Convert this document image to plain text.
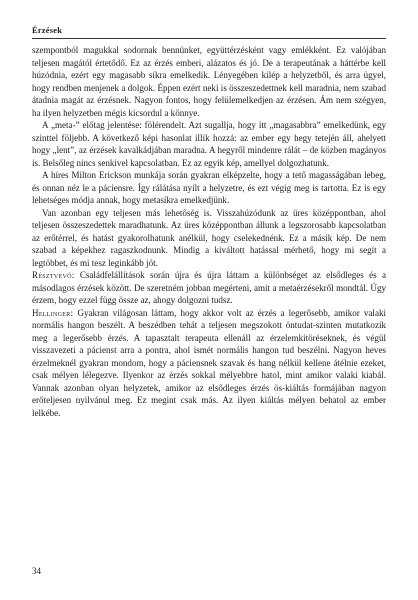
Érzések

szempontból magukkal sodornak bennünket, együttérzésként vagy emlékként. Ez valójában teljesen magától értetődő. Ez az érzés emberi, alázatos és jó. De a terapeutának a háttérbe kell húzódnia, ezért egy magasabb síkra emelkedik. Lényegében kilép a helyzetből, és arra ügyel, hogy rendben menjenek a dolgok. Éppen ezért neki is összeszedettnek kell maradnia, nem szabad átadnia magát az érzésnek. Nagyon fontos, hogy felülemelkedjen az érzésen. Ám nem szégyen, ha ilyen helyzetben mégis kicsordul a könnye.

A „meta-” előtag jelentése: fölérendelt. Azt sugallja, hogy itt „magasabbra” emelkedünk, egy szinttel följebb. A következő képi hasonlat illik hozzá: az ember egy hegy tetején áll, ahelyett hogy „lent”, az érzések kavalkádjában maradna. A hegyről mindenre rálát – de közben magányos is. Belsőleg nincs senkivel kapcsolatban. Ez az egyik kép, amellyel dolgozhatunk.

A híres Milton Erickson munkája során gyakran elképzelte, hogy a tető magasságában lebeg, és onnan néz le a páciensre. Így rálátása nyílt a helyzetre, és ezt végig meg is tartotta. Ez is egy lehetséges módja annak, hogy metasíkra emelkedjünk.

Van azonban egy teljesen más lehetőség is. Visszahúzódunk az üres középpontban, ahol teljesen összeszedettek maradhatunk. Az üres középpontban állunk a legszorosabb kapcsolatban az erőtérrel, és hatást gyakorolhatunk anélkül, hogy cselekednénk. Ez a másik kép. De nem szabad a képekhez ragaszkodnunk. Mindig a kiváltott hatással mérhető, hogy mi segít a legtöbbet, és mi tesz leginkább jót.

Résztvevő: Családfelállítások során újra és újra láttam a különbséget az elsődleges és a másodlagos érzések között. De szeretném jobban megérteni, amit a metaérzésekről mondtál. Úgy érzem, hogy ezzel függ össze az, ahogy dolgozni tudsz.

Hellinger: Gyakran világosan láttam, hogy akkor volt az érzés a legerősebb, amikor valaki normális hangon beszélt. A beszédben tehát a teljesen megszokott öntudat-szinten mutatkozik meg a legerősebb érzés. A tapasztalt terapeuta ellenáll az érzelemkitöréseknek, és végül visszavezeti a pácienst arra a pontra, ahol ismét normális hangon tud beszélni. Nagyon heves érzelmeknél gyakran mondom, hogy a páciensnek szavak és hang nélkül kellene átélnie ezeket, csak mélyen lélegezve. Ilyenkor az érzés sokkal mélyebbre hatol, mint amikor valaki kiabál. Vannak azonban olyan helyzetek, amikor az elsődleges érzés ös-kiáltás formájában nagyon erőteljesen nyilvánul meg. Ez megint csak más. Az ilyen kiáltás mélyen behatol az ember lelkébe.

34
